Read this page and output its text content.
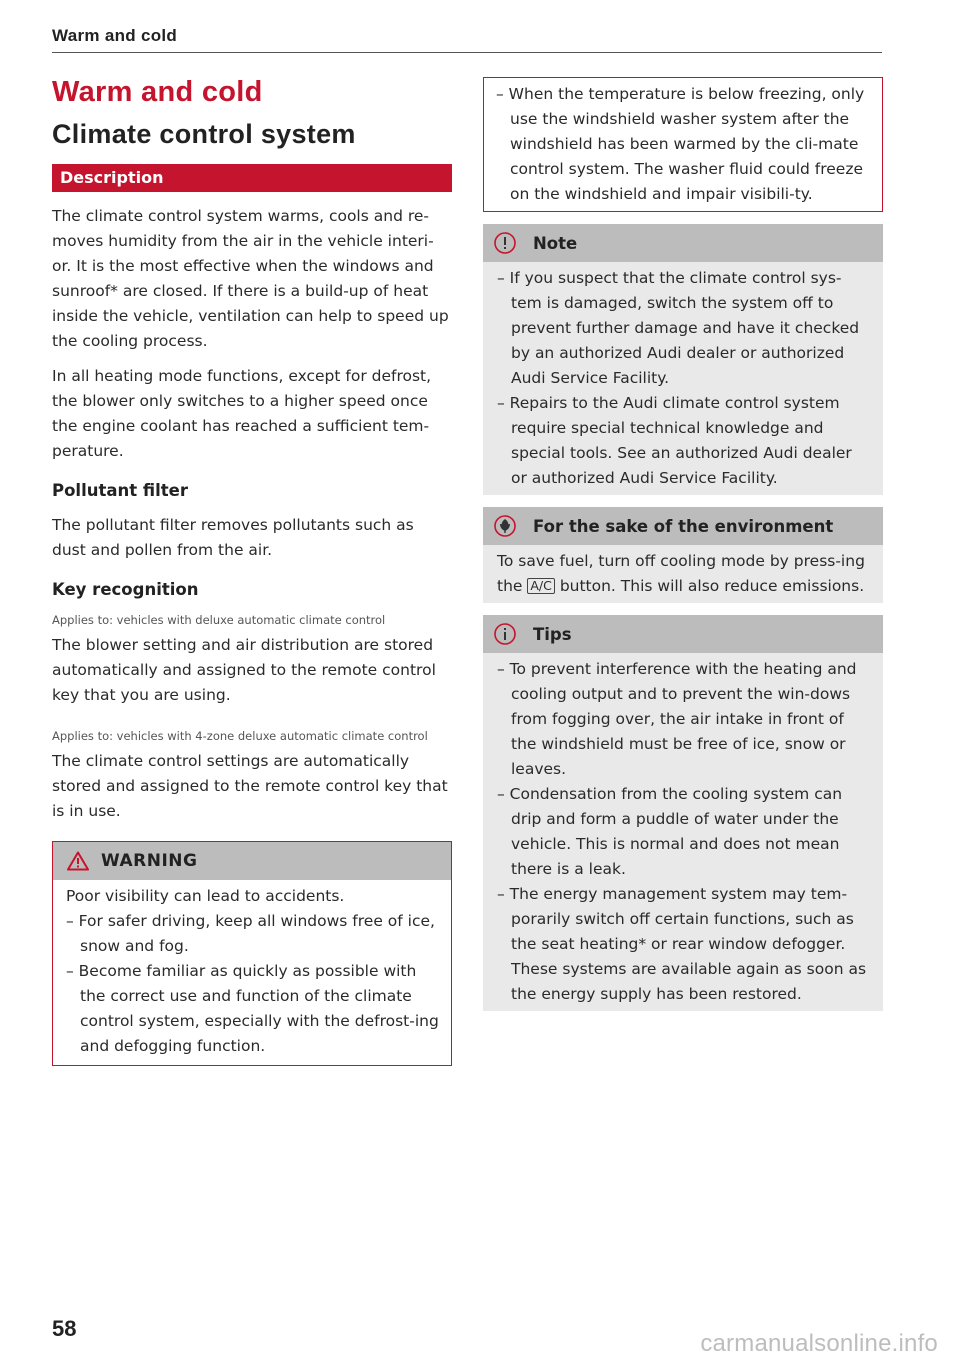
Warm and cold
Warm and cold
Climate control system
Description

The climate control system warms, cools and re-moves humidity from the air in the vehicle interi-or. It is the most effective when the windows and sunroof* are closed. If there is a build-up of heat inside the vehicle, ventilation can help to speed up the cooling process.

In all heating mode functions, except for defrost, the blower only switches to a higher speed once the engine coolant has reached a sufficient tem-perature.

Pollutant filter

The pollutant filter removes pollutants such as dust and pollen from the air.

Key recognition
Applies to: vehicles with deluxe automatic climate control

The blower setting and air distribution are stored automatically and assigned to the remote control key that you are using.

Applies to: vehicles with 4-zone deluxe automatic climate control

The climate control settings are automatically stored and assigned to the remote control key that is in use.

WARNING

Poor visibility can lead to accidents.

– For safer driving, keep all windows free of ice, snow and fog.

– Become familiar as quickly as possible with the correct use and function of the climate control system, especially with the defrost-ing and defogging function.

– When the temperature is below freezing, only use the windshield washer system after the windshield has been warmed by the cli-mate control system. The washer fluid could freeze on the windshield and impair visibili-ty.

Note

– If you suspect that the climate control sys-tem is damaged, switch the system off to prevent further damage and have it checked by an authorized Audi dealer or authorized Audi Service Facility.

– Repairs to the Audi climate control system require special technical knowledge and special tools. See an authorized Audi dealer or authorized Audi Service Facility.

For the sake of the environment

To save fuel, turn off cooling mode by press-ing the A/C button. This will also reduce emissions.

Tips

– To prevent interference with the heating and cooling output and to prevent the win-dows from fogging over, the air intake in front of the windshield must be free of ice, snow or leaves.

– Condensation from the cooling system can drip and form a puddle of water under the vehicle. This is normal and does not mean there is a leak.

– The energy management system may tem-porarily switch off certain functions, such as the seat heating* or rear window defogger. These systems are available again as soon as the energy supply has been restored.

58
carmanualsonline.info
